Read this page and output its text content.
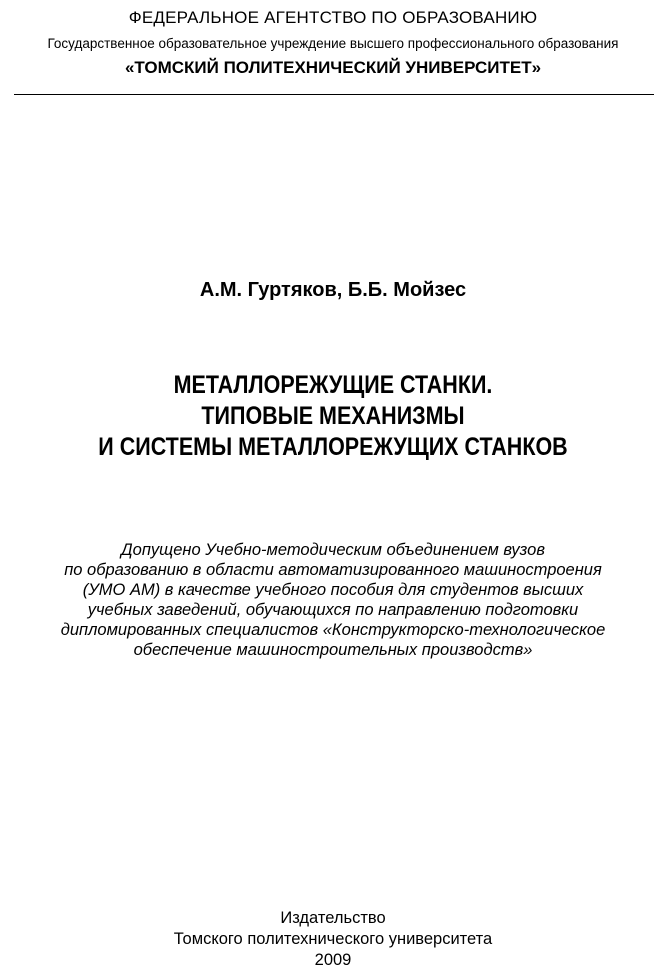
ФЕДЕРАЛЬНОЕ АГЕНТСТВО ПО ОБРАЗОВАНИЮ
Государственное образовательное учреждение высшего профессионального образования
«ТОМСКИЙ ПОЛИТЕХНИЧЕСКИЙ УНИВЕРСИТЕТ»
А.М. Гуртяков, Б.Б. Мойзес
МЕТАЛЛОРЕЖУЩИЕ СТАНКИ.
ТИПОВЫЕ МЕХАНИЗМЫ
И СИСТЕМЫ МЕТАЛЛОРЕЖУЩИХ СТАНКОВ
Допущено Учебно-методическим объединением вузов
по образованию в области автоматизированного машиностроения
(УМО АМ) в качестве учебного пособия для студентов высших
учебных заведений, обучающихся по направлению подготовки
дипломированных специалистов «Конструкторско-технологическое
обеспечение машиностроительных производств»
Издательство
Томского политехнического университета
2009
